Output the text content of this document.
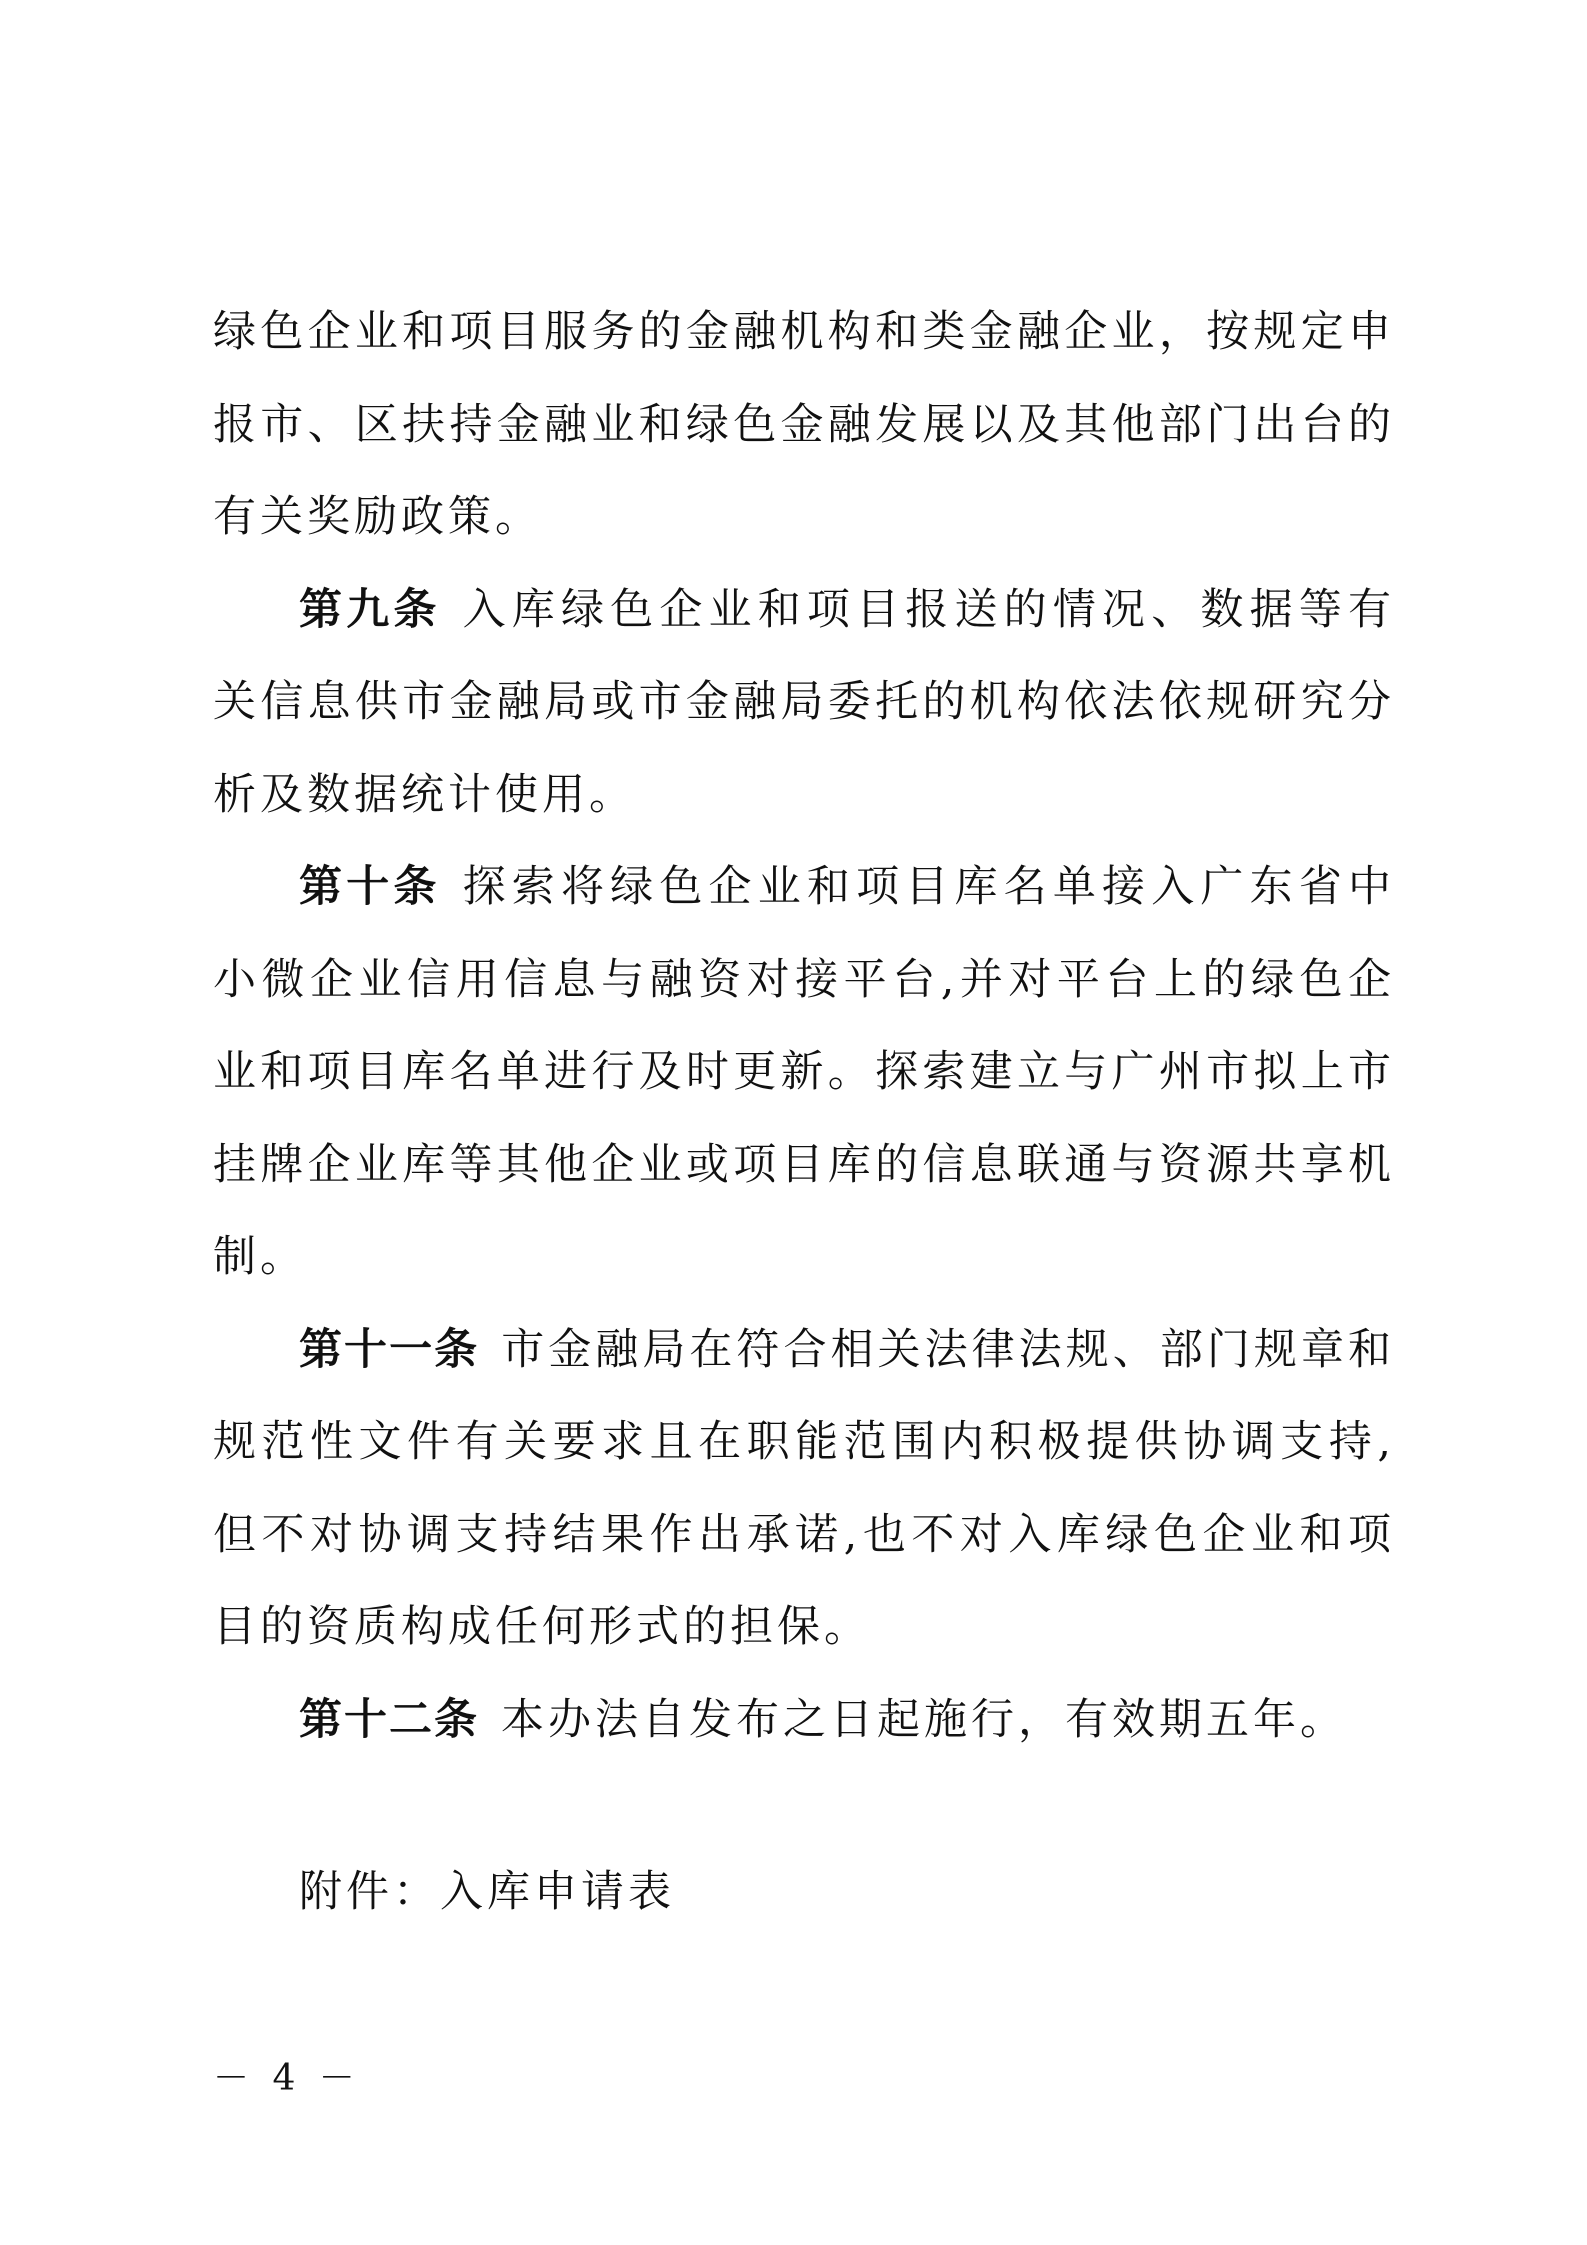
绿色企业和项目服务的金融机构和类金融企业，按规定申报市、区扶持金融业和绿色金融发展以及其他部门出台的有关奖励政策。

第九条 入库绿色企业和项目报送的情况、数据等有关信息供市金融局或市金融局委托的机构依法依规研究分析及数据统计使用。

第十条 探索将绿色企业和项目库名单接入广东省中小微企业信用信息与融资对接平台,并对平台上的绿色企业和项目库名单进行及时更新。探索建立与广州市拟上市挂牌企业库等其他企业或项目库的信息联通与资源共享机制。

第十一条 市金融局在符合相关法律法规、部门规章和规范性文件有关要求且在职能范围内积极提供协调支持,但不对协调支持结果作出承诺,也不对入库绿色企业和项目的资质构成任何形式的担保。

第十二条 本办法自发布之日起施行，有效期五年。

附件：入库申请表

－ 4 －
